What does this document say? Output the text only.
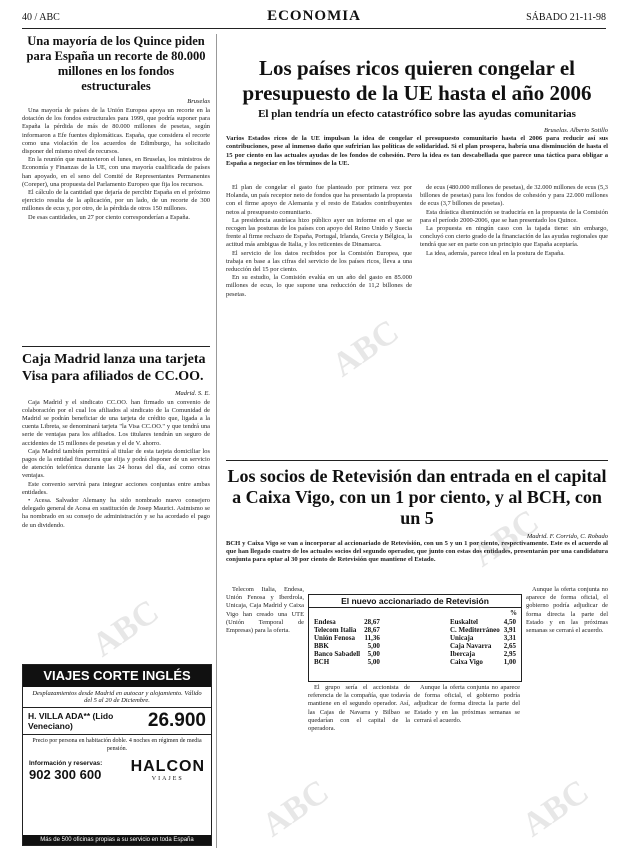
40 / ABC	ECONOMIA	SÁBADO 21-11-98
Una mayoría de los Quince piden para España un recorte de 80.000 millones en los fondos estructurales
Bruselas

Una mayoría de países de la Unión Europea apoya un recorte en la dotación de los fondos estructurales para 1999, que podría suponer para España la pérdida de más de 80.000 millones de pesetas, según informaron a Efe fuentes diplomáticas. España, que considera el recorte como una violación de los acuerdos de Edimburgo, ha solicitado disponer del mismo nivel de recursos.

En la reunión que mantuvieron el lunes, en Bruselas, los ministros de Economía y Finanzas de la UE, con una mayoría cualificada de países han apoyado, en el seno del Comité de Representantes Permanentes (Coreper), una propuesta del Parlamento Europeo que fija los recursos.

El cálculo de la cantidad que dejaría de percibir España en el próximo ejercicio resulta de la aplicación, por un lado, de un recorte de 300 millones de ecus y, por otro, de la pérdida de otros 150 millones.

De esas cantidades, un 27 por ciento corresponderían a España.

Caja Madrid lanza una tarjeta Visa para afiliados de CC.OO.
Madrid. S. E.

Caja Madrid y el sindicato CC.OO. han firmado un convenio de colaboración por el cual los afiliados al sindicato de la Comunidad de Madrid se podrán beneficiar de una tarjeta de crédito que, ligada a la cuenta Libreta, se denominará tarjeta "la Visa CC.OO." y que tendrá una serie de ventajas para los afiliados. Los titulares tendrán un seguro de accidentes de 15 millones de pesetas y el de V. ahorro.

Caja Madrid también permitirá al titular de esta tarjeta domiciliar los pagos de la entidad financiera que elija y podrá disponer de un servicio de atención telefónica durante las 24 horas del día, así como otras ventajas.

Este convenio servirá para integrar acciones conjuntas entre ambas entidades.

• Acesa. Salvador Alemany ha sido nombrado nuevo consejero delegado general de Acesa en sustitución de Josep Maurici. Asimismo se ha nombrado en su consejo de administración y se ha acordado el pago de un dividendo.

VIAJES CORTE INGLÉS
Desplazamientos desde Madrid en autocar y alojamiento. Válido del 5 al 20 de Diciembre.
H. VILLA ADA** (Lido Veneciano)	26.900
Precio por persona en habitación doble. 4 noches en régimen de media pensión.
Información y reservas:
902 300 600 HALCON
VIAJES
Más de 500 oficinas propias a su servicio en toda España
Los países ricos quieren congelar el presupuesto de la UE hasta el año 2006
El plan tendría un efecto catastrófico sobre las ayudas comunitarias
Bruselas. Alberto Sotillo
Varios Estados ricos de la UE impulsan la idea de congelar el presupuesto comunitario hasta el 2006 para reducir así sus contribuciones, pese al inmenso daño que sufrirían las políticas de solidaridad. Si el plan prospera, habría una disminución de hasta el 15 por ciento en las actuales ayudas de los fondos de cohesión. Pero la idea es tan descabellada que parece una táctica para obligar a España a negociar en los términos de la UE.

El plan de congelar el gasto fue planteado por primera vez por Holanda, un país receptor neto de fondos que ha presentado la propuesta con el firme apoyo de Alemania y el resto de Estados contribuyentes netos al presupuesto comunitario.

La presidencia austríaca hizo público ayer un informe en el que se recogen las posturas de los países con apoyo del Reino Unido y Suecia frente al firme rechazo de España, Portugal, Irlanda, Grecia y Bélgica, la actitud más ambigua de Italia, y los reticentes de Dinamarca.

El servicio de los datos recibidos por la Comisión Europea, que trabaja en base a las cifras del servicio de los países ricos, lleva a una reducción del 15 por ciento.

En su estudio, la Comisión evalúa en un año del gasto en 85.000 millones de ecus, lo que supone una reducción de 11,2 billones de pesetas.

de ecus (480.000 millones de pesetas), de 32.000 millones de ecus (5,3 billones de pesetas) para los fondos de cohesión y para 22.000 millones de ecus (3,7 billones de pesetas).

Esta drástica disminución se traduciría en la propuesta de la Comisión para el período 2000-2006, que se han presentado los Quince.

La propuesta en ningún caso con la tajada tiene: sin embargo, concluyó con cierto grado de la financiación de las ayudas regionales que tendrá que ser en parte con un principio que España aceptaría.

La idea, además, parece ideal en la postura de España.

Los socios de Retevisión dan entrada en el capital a Caixa Vigo, con un 1 por ciento, y al BCH, con un 5
Madrid. F. Corrido, C. Robado
BCH y Caixa Vigo se van a incorporar al accionariado de Retevisión, con un 5 y un 1 por ciento, respectivamente. Este es el acuerdo al que han llegado cuatro de los actuales socios del segundo operador, que junto con estas dos entidades, presentarán por una candidatura conjunta para optar al 30 por ciento de Retevisión que mantiene el Estado.

Telecom Italia, Endesa, Unión Fenosa y Iberdrola, Unicaja, Caja Madrid y Caixa Vigo han creado una UTE (Unión Temporal de Empresas) para la oferta.

El nuevo accionariado de Retevisión
%
Endesa	28,67
Telecom Italia	28,67
Unión Fenosa	11,36
BBK	5,00
Banco Sabadell	5,00
BCH	5,00
Euskaltel	4,50
C. Mediterráneo	3,91
Unicaja	3,31
Caja Navarra	2,65
Ibercaja	2,95
Caixa Vigo	1,00

El grupo sería el accionista de referencia de la compañía, que todavía mantiene en el segundo operador. Así, las Cajas de Navarra y Bilbao se quedarían con el capital de la operadora.

Aunque la oferta conjunta no aparece de forma oficial, el gobierno podría adjudicar de forma directa la parte del Estado y en las próximas semanas se cerrará el acuerdo.

Aunque la oferta conjunta no aparece de forma oficial, el gobierno podría adjudicar de forma directa la parte del Estado y en las próximas semanas se cerrará el acuerdo.

ABC
ABC
ABC
ABC	ABC
